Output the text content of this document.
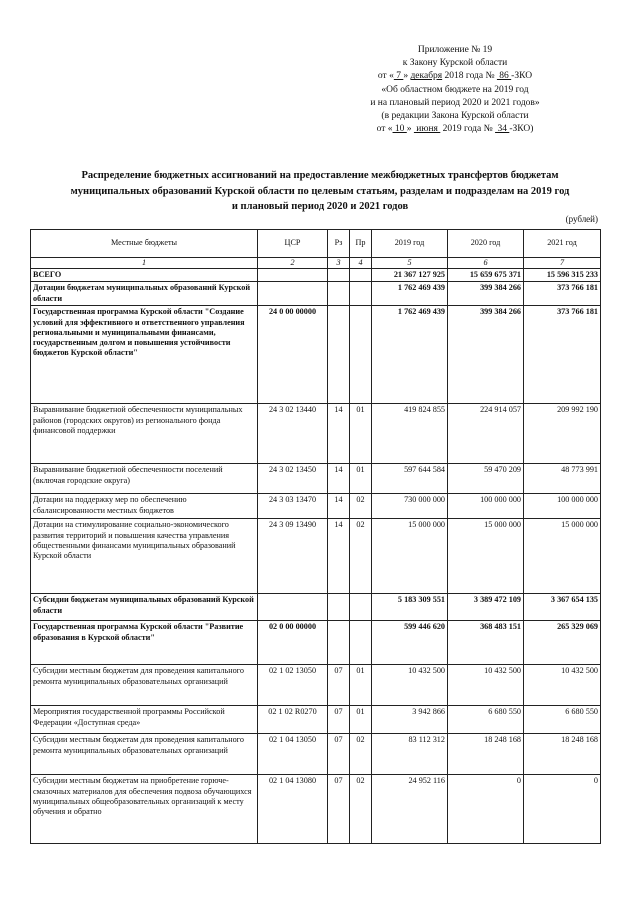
Приложение № 19
к Закону Курской области
от « 7 » декабря 2018 года №  86 -ЗКО
«Об областном бюджете на 2019 год
и на плановый период 2020 и 2021 годов»
(в редакции Закона Курской области
от « 10 »  июня  2019 года №  34 -ЗКО)
Распределение бюджетных ассигнований на предоставление межбюджетных трансфертов бюджетам
муниципальных образований Курской области по целевым статьям, разделам и подразделам на 2019 год
и плановый период 2020 и 2021 годов
(рублей)
Местные бюджеты	ЦСР	Рз	Пр	2019 год	2020 год	2021 год
1	2	3	4	5	6	7
ВСЕГО				21 367 127 925	15 659 675 371	15 596 315 233
Дотации бюджетам муниципальных образований Курской области				1 762 469 439	399 384 266	373 766 181
Государственная программа Курской области "Создание условий для эффективного и ответственного управления региональными и муниципальными финансами, государственным долгом и повышения устойчивости бюджетов Курской области"	24 0 00 00000			1 762 469 439	399 384 266	373 766 181
Выравнивание бюджетной обеспеченности муниципальных районов (городских округов) из регионального фонда финансовой поддержки	24 3 02 13440	14	01	419 824 855	224 914 057	209 992 190
Выравнивание бюджетной обеспеченности поселений (включая городские округа)	24 3 02 13450	14	01	597 644 584	59 470 209	48 773 991
Дотации на поддержку мер по обеспечению сбалансированности местных бюджетов	24 3 03 13470	14	02	730 000 000	100 000 000	100 000 000
Дотации на стимулирование социально-экономического развития территорий и повышения качества управления общественными финансами муниципальных образований Курской области	24 3 09 13490	14	02	15 000 000	15 000 000	15 000 000
Субсидии бюджетам муниципальных образований Курской области				5 183 309 551	3 389 472 109	3 367 654 135
Государственная программа Курской области "Развитие образования в Курской области"	02 0 00 00000			599 446 620	368 483 151	265 329 069
Субсидии местным бюджетам для проведения капитального ремонта муниципальных образовательных организаций	02 1 02 13050	07	01	10 432 500	10 432 500	10 432 500
Мероприятия государственной программы Российской Федерации «Доступная среда»	02 1 02 R0270	07	01	3 942 866	6 680 550	6 680 550
Субсидии местным бюджетам для проведения капитального ремонта муниципальных образовательных организаций	02 1 04 13050	07	02	83 112 312	18 248 168	18 248 168
Субсидии местным бюджетам на приобретение горюче-смазочных материалов для обеспечения подвоза обучающихся муниципальных общеобразовательных организаций к месту обучения и обратно	02 1 04 13080	07	02	24 952 116	0	0
